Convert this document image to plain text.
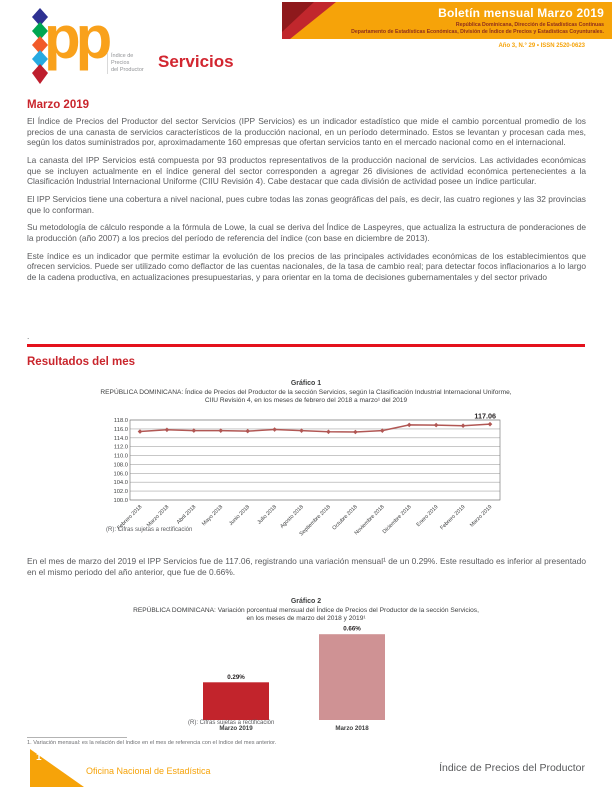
pp Índice de
Precios
del Productor Servicios
Boletín mensual Marzo 2019
República Dominicana, Dirección de Estadísticas Continuas
Departamento de Estadísticas Económicas, División de Índice de Precios y Estadísticas Coyunturales.
Año 3, N.° 29 • ISSN 2520-0623
Marzo 2019

El Índice de Precios del Productor del sector Servicios (IPP Servicios) es un indicador estadístico que mide el cambio porcentual promedio de los precios de una canasta de servicios característicos de la producción nacional, en un período determinado. Estos se levantan y procesan cada mes, según los datos suministrados por, aproximadamente 160 empresas que ofertan servicios tanto en el mercado nacional como en el internacional.

La canasta del IPP Servicios está compuesta por 93 productos representativos de la producción nacional de servicios. Las actividades económicas que se incluyen actualmente en el índice general del sector corresponden a agregar 26 divisiones de actividad económica pertenecientes a la Clasificación Industrial Internacional Uniforme (CIIU Revisión 4). Cabe destacar que cada división de actividad posee un índice particular.

El IPP Servicios tiene una cobertura a nivel nacional, pues cubre todas las zonas geográficas del país, es decir, las cuatro regiones y las 32 provincias que lo conforman.

Su metodología de cálculo responde a la fórmula de Lowe, la cual se deriva del Índice de Laspeyres, que actualiza la estructura de ponderaciones de la producción (año 2007) a los precios del período de referencia del índice (con base en diciembre de 2013).

Este índice es un indicador que permite estimar la evolución de los precios de las principales actividades económicas de los establecimientos que ofrecen servicios. Puede ser utilizado como deflactor de las cuentas nacionales, de la tasa de cambio real; para detectar focos inflacionarios a lo largo de la cadena productiva, en actualizaciones presupuestarias, y para orientar en la toma de decisiones gubernamentales y del sector privado

.
Resultados del mes

Gráfico 1

REPÚBLICA DOMINICANA: Índice de Precios del Productor de la sección Servicios, según la Clasificación Industrial Internacional Uniforme,

CIIU Revisión 4, en los meses de febrero del 2018 a marzo¹ del 2019

100.0
102.0
104.0
106.0
108.0
110.0
112.0
114.0
116.0
118.0
Febrero 2018 Marzo 2018 Abril 2018 Mayo 2018 Junio 2018 Julio 2018 Agosto 2018
Septiembre 2018 Octubre 2018
Noviembre 2018
Diciembre 2018 Enero 2019 Febrero 2019 Marzo 2019
117.06
(R): Cifras sujetas a rectificación

En el mes de marzo del 2019 el IPP Servicios fue de 117.06, registrando una variación mensual¹ de un 0.29%. Este resultado es inferior al presentado en el mismo periodo del año anterior, que fue de 0.66%.

Gráfico 2

REPÚBLICA DOMINICANA: Variación porcentual mensual del Índice de Precios del Productor de la sección Servicios,

en los meses de marzo del 2018 y 2019¹

0.29%
Marzo 2019
0.66%
Marzo 2018
(R): Cifras sujetas a rectificación
1. Variación mensual: es la relación del índice en el mes de referencia con el índice del mes anterior.
1
Oficina Nacional de Estadística	Índice de Precios del Productor
